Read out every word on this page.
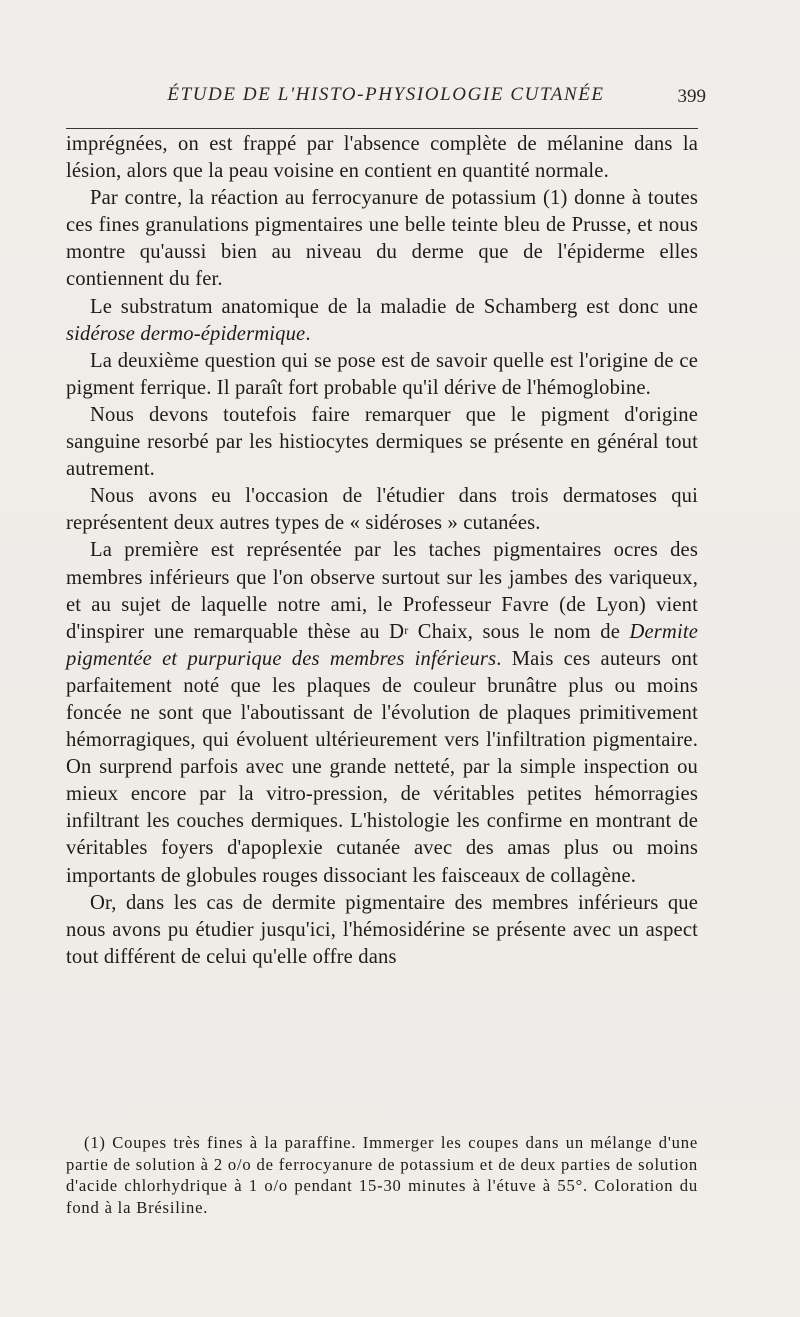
ÉTUDE DE L'HISTO-PHYSIOLOGIE CUTANÉE	399

imprégnées, on est frappé par l'absence complète de mélanine dans la lésion, alors que la peau voisine en contient en quantité normale.

Par contre, la réaction au ferrocyanure de potassium (1) donne à toutes ces fines granulations pigmentaires une belle teinte bleu de Prusse, et nous montre qu'aussi bien au niveau du derme que de l'épiderme elles contiennent du fer.

Le substratum anatomique de la maladie de Schamberg est donc une sidérose dermo-épidermique.

La deuxième question qui se pose est de savoir quelle est l'origine de ce pigment ferrique. Il paraît fort probable qu'il dérive de l'hémoglobine.

Nous devons toutefois faire remarquer que le pigment d'origine sanguine resorbé par les histiocytes dermiques se présente en général tout autrement.

Nous avons eu l'occasion de l'étudier dans trois dermatoses qui représentent deux autres types de « sidéroses » cutanées.

La première est représentée par les taches pigmentaires ocres des membres inférieurs que l'on observe surtout sur les jambes des variqueux, et au sujet de laquelle notre ami, le Professeur Favre (de Lyon) vient d'inspirer une remarquable thèse au $D^r$ Chaix, sous le nom de Dermite pigmentée et purpurique des membres inférieurs. Mais ces auteurs ont parfaitement noté que les plaques de couleur brunâtre plus ou moins foncée ne sont que l'aboutissant de l'évolution de plaques primitivement hémorragiques, qui évoluent ultérieurement vers l'infiltration pigmentaire. On surprend parfois avec une grande netteté, par la simple inspection ou mieux encore par la vitro-pression, de véritables petites hémorragies infiltrant les couches dermiques. L'histologie les confirme en montrant de véritables foyers d'apoplexie cutanée avec des amas plus ou moins importants de globules rouges dissociant les faisceaux de collagène.

Or, dans les cas de dermite pigmentaire des membres inférieurs que nous avons pu étudier jusqu'ici, l'hémosidérine se présente avec un aspect tout différent de celui qu'elle offre dans

(1) Coupes très fines à la paraffine. Immerger les coupes dans un mélange d'une partie de solution à 2 o/o de ferrocyanure de potassium et de deux parties de solution d'acide chlorhydrique à 1 o/o pendant 15-30 minutes à l'étuve à 55°. Coloration du fond à la Brésiline.
